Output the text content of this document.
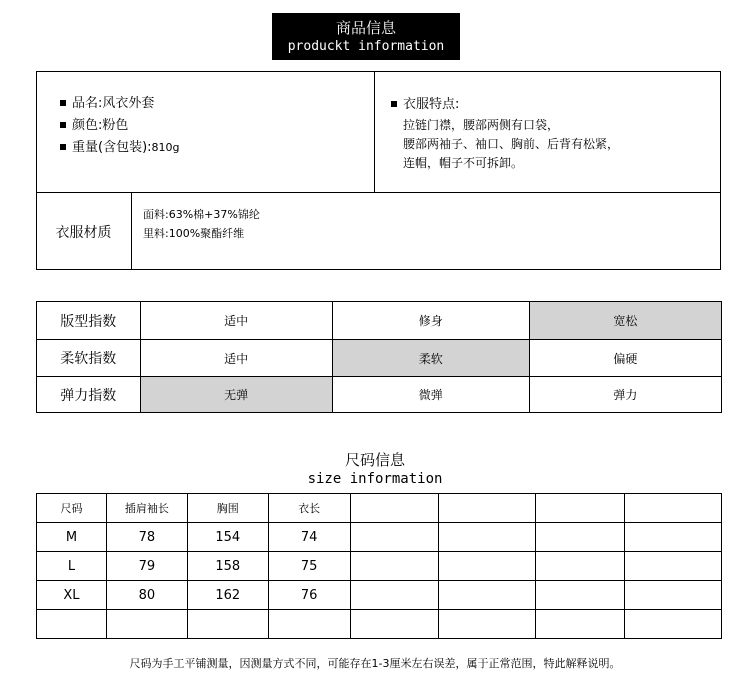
商品信息
produckt information
品名:风衣外套
颜色:粉色
重量(含包装):810g
衣服特点:
拉链门襟，腰部两侧有口袋，
腰部两袖子、袖口、胸前、后背有松紧，
连帽，帽子不可拆卸。
衣服材质
面料:63%棉+37%锦纶
里料:100%聚酯纤维
版型指数	适中	修身	宽松
柔软指数	适中	柔软	偏硬
弹力指数	无弹	微弹	弹力
尺码信息
size information
尺码	插肩袖长	胸围	衣长				
M	78	154	74				
L	79	158	75				
XL	80	162	76				

尺码为手工平铺测量，因测量方式不同，可能存在1-3厘米左右误差，属于正常范围，特此解释说明。
